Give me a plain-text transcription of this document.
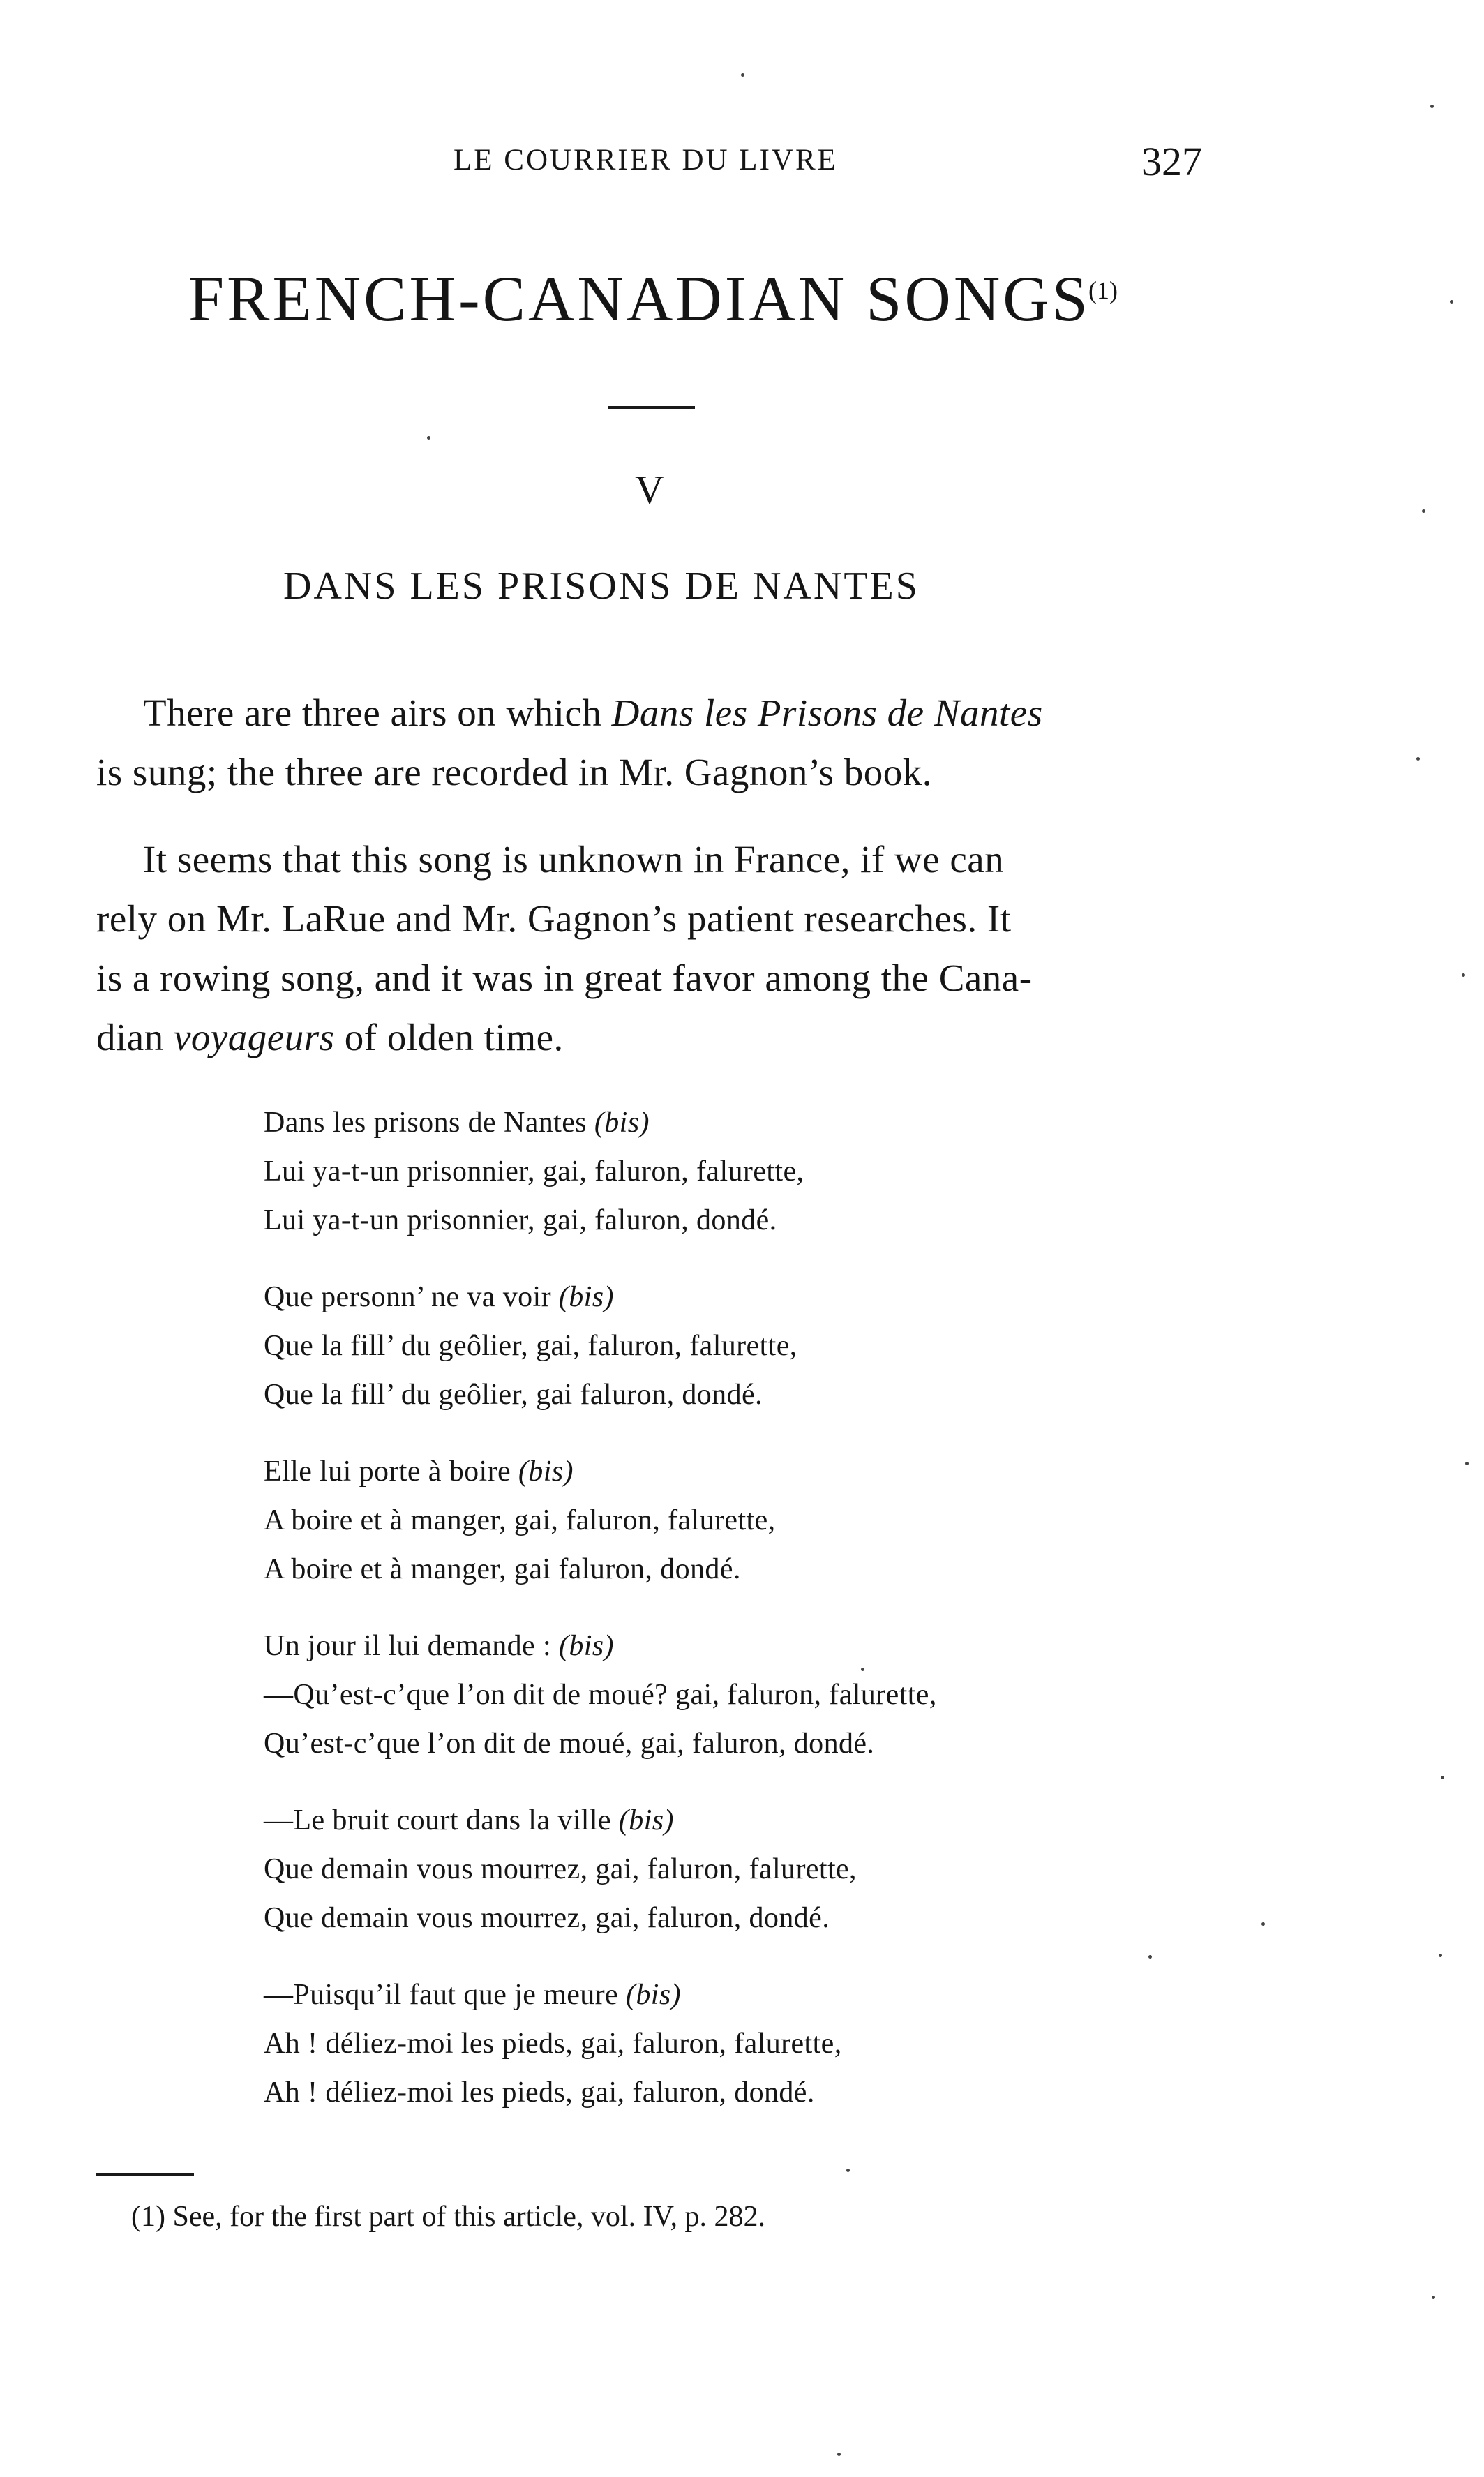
LE COURRIER DU LIVRE	327
FRENCH-CANADIAN SONGS
(1)
V
DANS LES PRISONS DE NANTES
There are three airs on which Dans les Prisons de Nantes
is sung; the three are recorded in Mr. Gagnon’s book.
It seems that this song is unknown in France, if we can
rely on Mr. LaRue and Mr. Gagnon’s patient researches. It
is a rowing song, and it was in great favor among the Cana-
dian voyageurs of olden time.
Dans les prisons de Nantes (bis)
Lui ya-t-un prisonnier, gai, faluron, falurette,
Lui ya-t-un prisonnier, gai, faluron, dondé.
Que personn’ ne va voir (bis)
Que la fill’ du geôlier, gai, faluron, falurette,
Que la fill’ du geôlier, gai faluron, dondé.
Elle lui porte à boire (bis)
A boire et à manger, gai, faluron, falurette,
A boire et à manger, gai faluron, dondé.
Un jour il lui demande : (bis)
—Qu’est-c’que l’on dit de moué? gai, faluron, falurette,
Qu’est-c’que l’on dit de moué, gai, faluron, dondé.
—Le bruit court dans la ville (bis)
Que demain vous mourrez, gai, faluron, falurette,
Que demain vous mourrez, gai, faluron, dondé.
—Puisqu’il faut que je meure (bis)
Ah ! déliez-moi les pieds, gai, faluron, falurette,
Ah ! déliez-moi les pieds, gai, faluron, dondé.
(1) See, for the first part of this article, vol. IV, p. 282.
